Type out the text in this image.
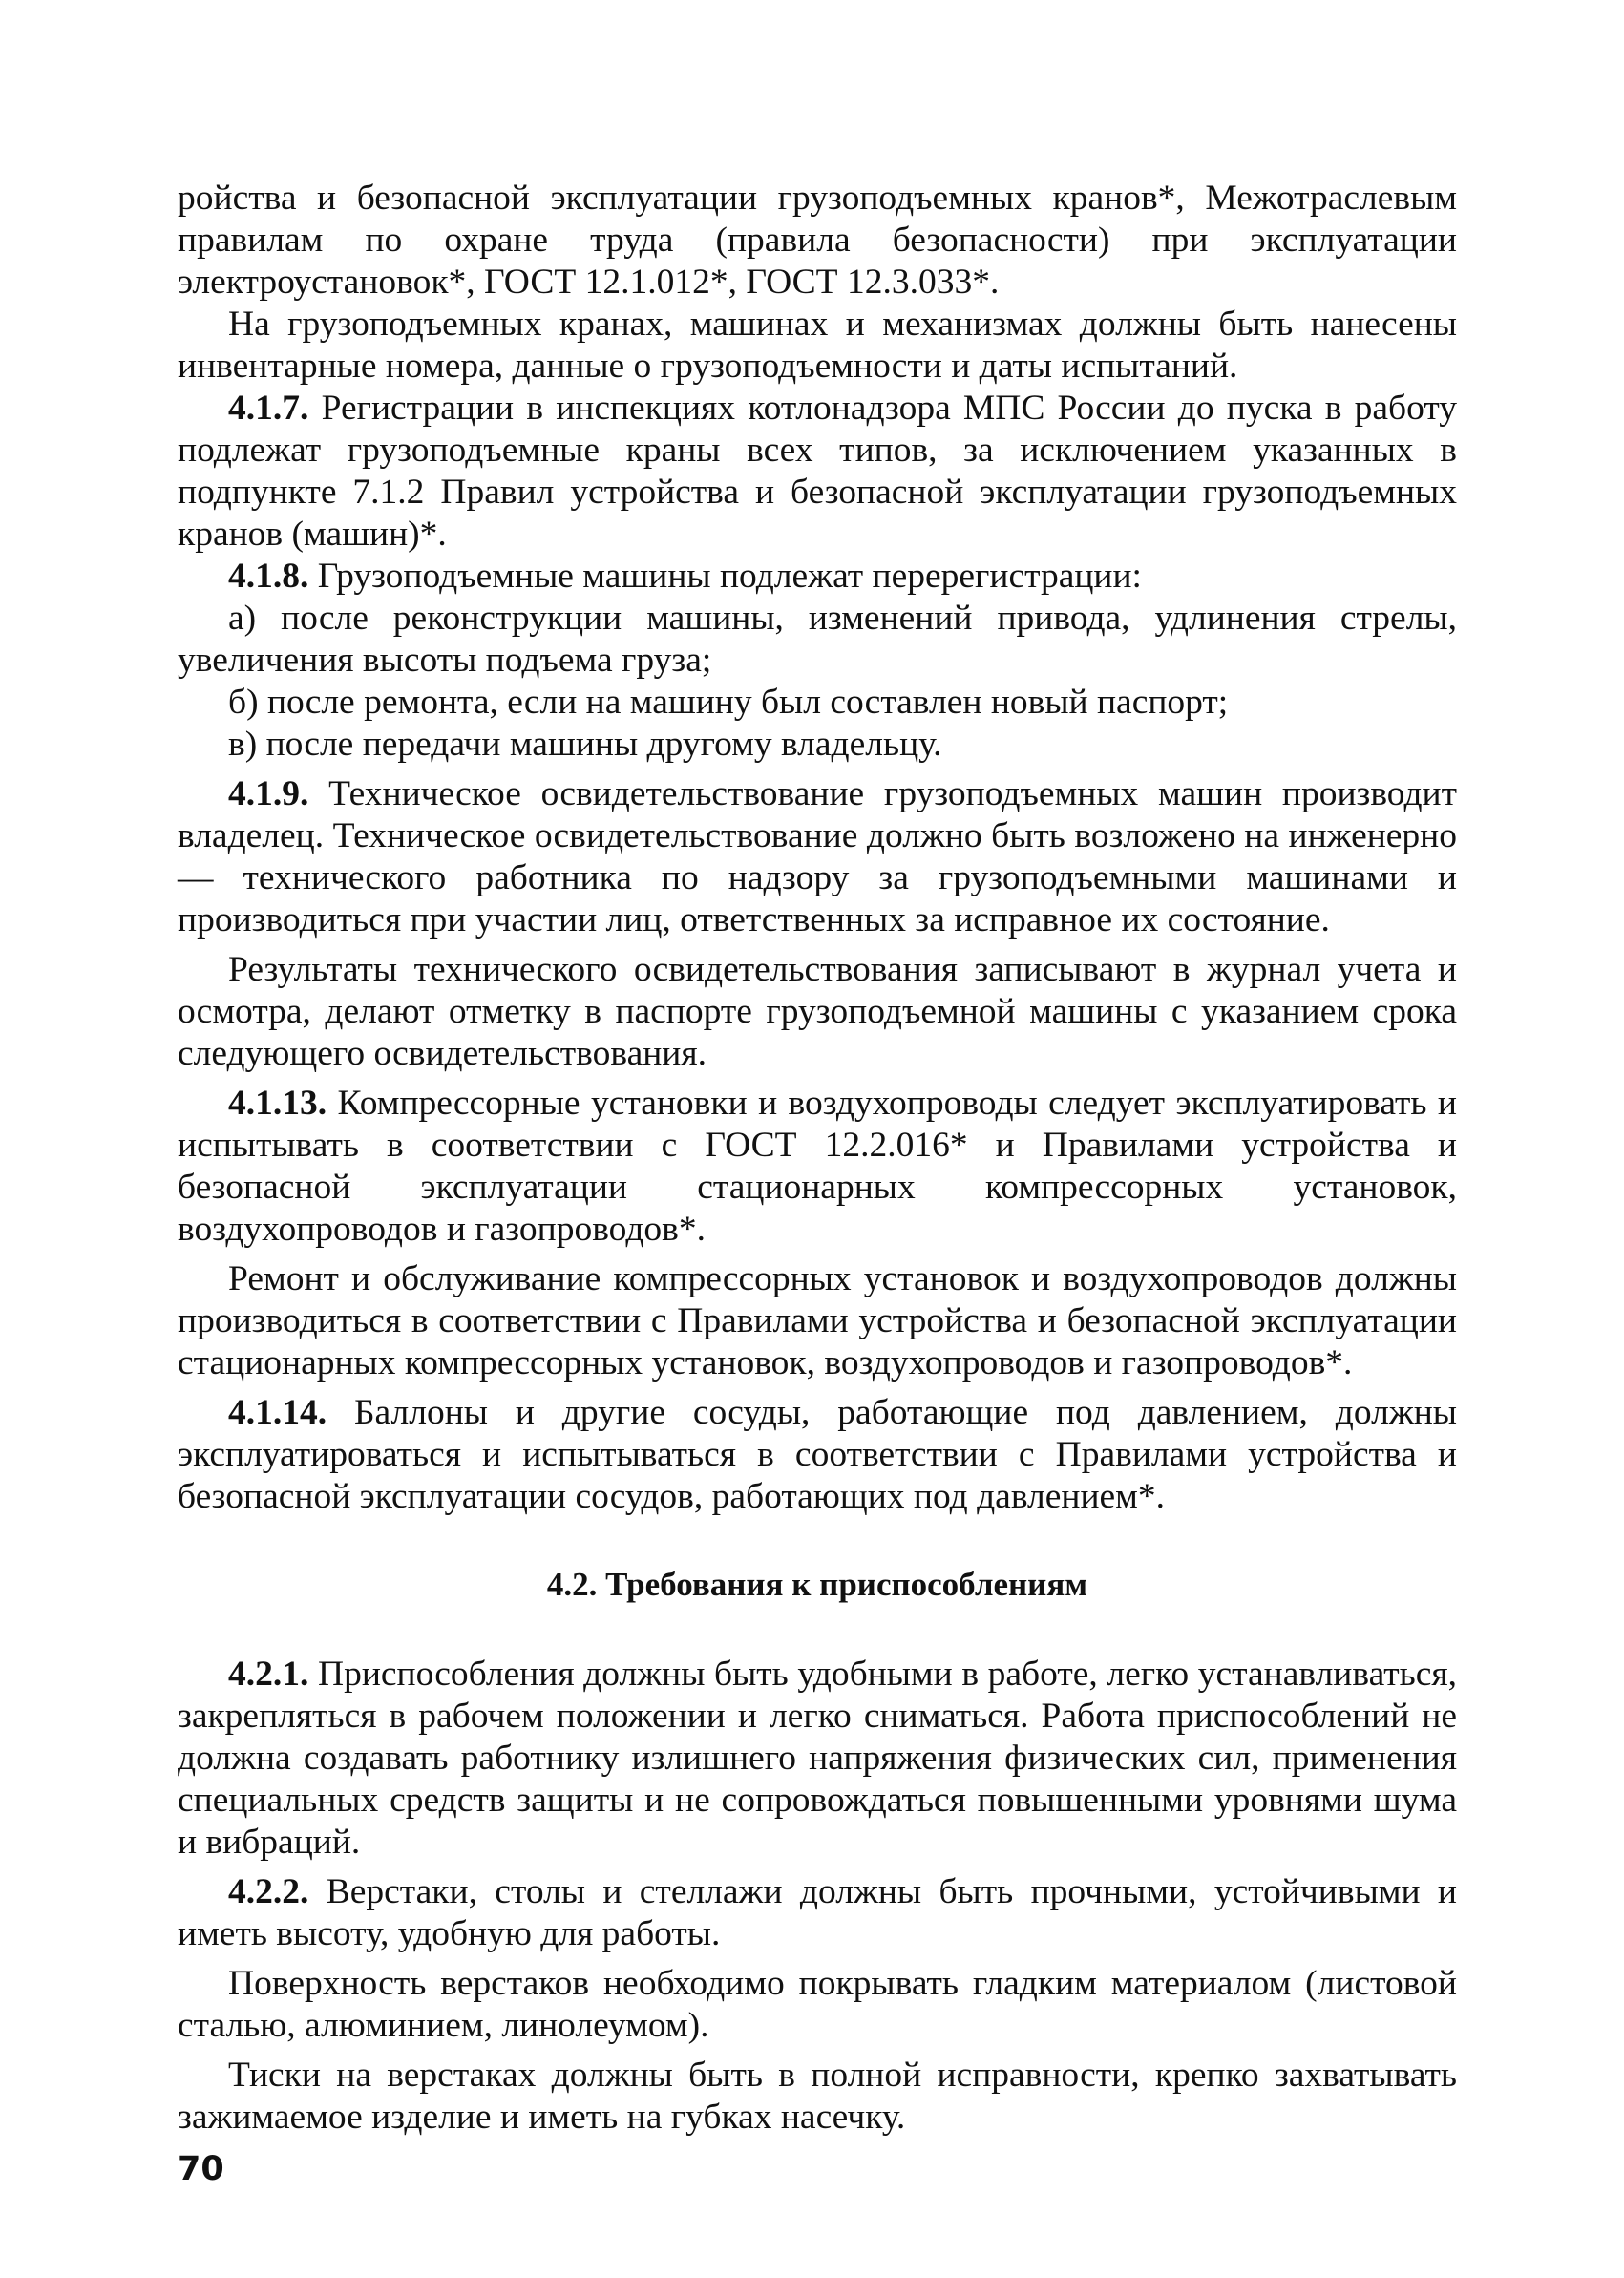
ройства и безопасной эксплуатации грузоподъемных кранов*, Межотраслевым правилам по охране труда (правила безопасности) при эксплуатации электроустановок*, ГОСТ 12.1.012*, ГОСТ 12.3.033*.

На грузоподъемных кранах, машинах и механизмах должны быть нанесены инвентарные номера, данные о грузоподъемности и даты испытаний.

4.1.7. Регистрации в инспекциях котлонадзора МПС России до пуска в работу подлежат грузоподъемные краны всех типов, за исключением указанных в подпункте 7.1.2 Правил устройства и безопасной эксплуатации грузоподъемных кранов (машин)*.

4.1.8. Грузоподъемные машины подлежат перерегистрации:

а) после реконструкции машины, изменений привода, удлинения стрелы, увеличения высоты подъема груза;

б) после ремонта, если на машину был составлен новый паспорт;

в) после передачи машины другому владельцу.

4.1.9. Техническое освидетельствование грузоподъемных машин производит владелец. Техническое освидетельствование должно быть возложено на инженерно — технического работника по надзору за грузоподъемными машинами и производиться при участии лиц, ответственных за исправное их состояние.

Результаты технического освидетельствования записывают в журнал учета и осмотра, делают отметку в паспорте грузоподъемной машины с указанием срока следующего освидетельствования.

4.1.13. Компрессорные установки и воздухопроводы следует эксплуатировать и испытывать в соответствии с ГОСТ 12.2.016* и Правилами устройства и безопасной эксплуатации стационарных компрессорных установок, воздухопроводов и газопроводов*.

Ремонт и обслуживание компрессорных установок и воздухопроводов должны производиться в соответствии с Правилами устройства и безопасной эксплуатации стационарных компрессорных установок, воздухопроводов и газопроводов*.

4.1.14. Баллоны и другие сосуды, работающие под давлением, должны эксплуатироваться и испытываться в соответствии с Правилами устройства и безопасной эксплуатации сосудов, работающих под давлением*.

4.2. Требования к приспособлениям

4.2.1. Приспособления должны быть удобными в работе, легко устанавливаться, закрепляться в рабочем положении и легко сниматься. Работа приспособлений не должна создавать работнику излишнего напряжения физических сил, применения специальных средств защиты и не сопровождаться повышенными уровнями шума и вибраций.

4.2.2. Верстаки, столы и стеллажи должны быть прочными, устойчивыми и иметь высоту, удобную для работы.

Поверхность верстаков необходимо покрывать гладким материалом (листовой сталью, алюминием, линолеумом).

Тиски на верстаках должны быть в полной исправности, крепко захватывать зажимаемое изделие и иметь на губках насечку.

70
